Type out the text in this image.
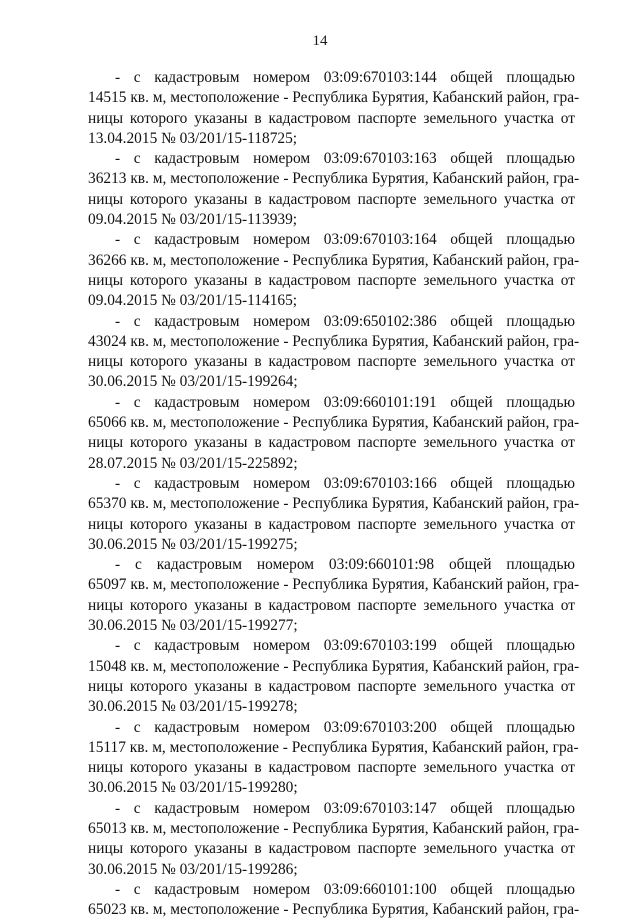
14
- с кадастровым номером 03:09:670103:144 общей площадью
14515 кв. м, местоположение - Республика Бурятия, Кабанский район, гра-
ницы которого указаны в кадастровом паспорте земельного участка от
13.04.2015 № 03/201/15-118725;
- с кадастровым номером 03:09:670103:163 общей площадью
36213 кв. м, местоположение - Республика Бурятия, Кабанский район, гра-
ницы которого указаны в кадастровом паспорте земельного участка от
09.04.2015 № 03/201/15-113939;
- с кадастровым номером 03:09:670103:164 общей площадью
36266 кв. м, местоположение - Республика Бурятия, Кабанский район, гра-
ницы которого указаны в кадастровом паспорте земельного участка от
09.04.2015 № 03/201/15-114165;
- с кадастровым номером 03:09:650102:386 общей площадью
43024 кв. м, местоположение - Республика Бурятия, Кабанский район, гра-
ницы которого указаны в кадастровом паспорте земельного участка от
30.06.2015 № 03/201/15-199264;
- с кадастровым номером 03:09:660101:191 общей площадью
65066 кв. м, местоположение - Республика Бурятия, Кабанский район, гра-
ницы которого указаны в кадастровом паспорте земельного участка от
28.07.2015 № 03/201/15-225892;
- с кадастровым номером 03:09:670103:166 общей площадью
65370 кв. м, местоположение - Республика Бурятия, Кабанский район, гра-
ницы которого указаны в кадастровом паспорте земельного участка от
30.06.2015 № 03/201/15-199275;
- с кадастровым номером 03:09:660101:98 общей площадью
65097 кв. м, местоположение - Республика Бурятия, Кабанский район, гра-
ницы которого указаны в кадастровом паспорте земельного участка от
30.06.2015 № 03/201/15-199277;
- с кадастровым номером 03:09:670103:199 общей площадью
15048 кв. м, местоположение - Республика Бурятия, Кабанский район, гра-
ницы которого указаны в кадастровом паспорте земельного участка от
30.06.2015 № 03/201/15-199278;
- с кадастровым номером 03:09:670103:200 общей площадью
15117 кв. м, местоположение - Республика Бурятия, Кабанский район, гра-
ницы которого указаны в кадастровом паспорте земельного участка от
30.06.2015 № 03/201/15-199280;
- с кадастровым номером 03:09:670103:147 общей площадью
65013 кв. м, местоположение - Республика Бурятия, Кабанский район, гра-
ницы которого указаны в кадастровом паспорте земельного участка от
30.06.2015 № 03/201/15-199286;
- с кадастровым номером 03:09:660101:100 общей площадью
65023 кв. м, местоположение - Республика Бурятия, Кабанский район, гра-
